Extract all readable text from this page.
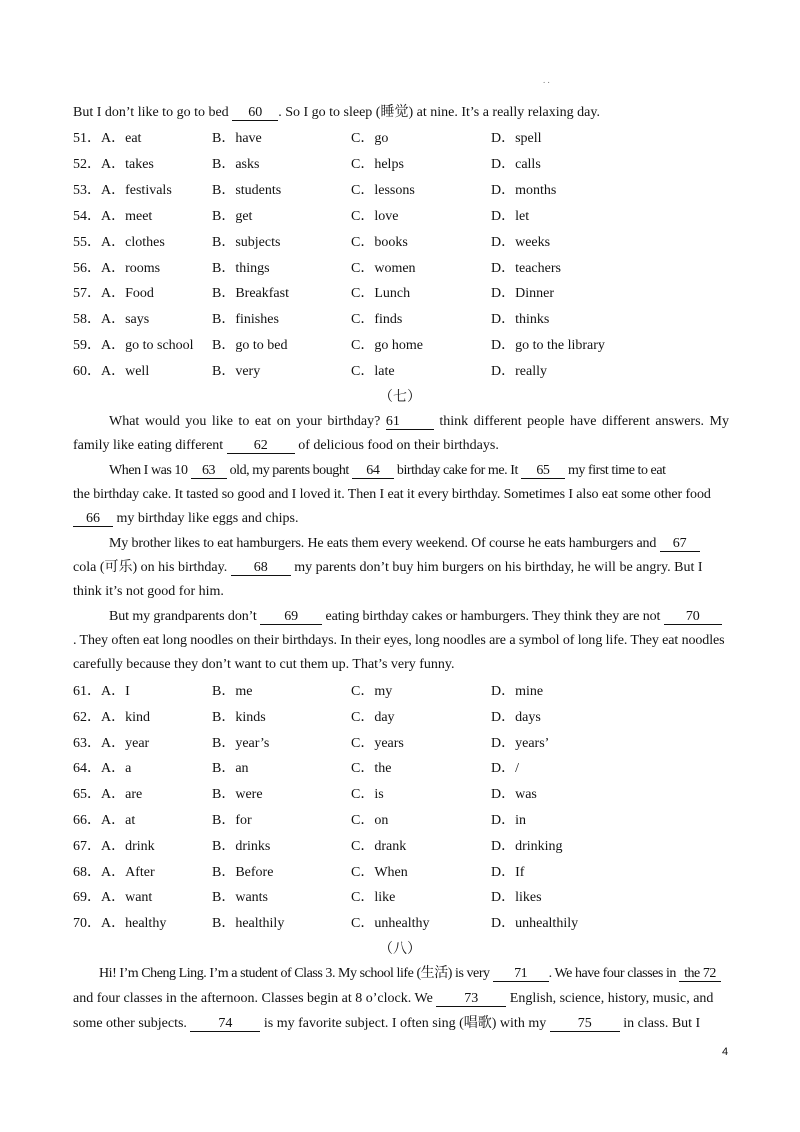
. .
But I don’t like to go to bed 60 . So I go to sleep (睡觉) at nine. It’s a really relaxing day.
51．A．eat	B．have	C．go	D．spell
52．A．takes	B．asks	C．helps	D．calls
53．A．festivals	B．students	C．lessons	D．months
54．A．meet	B．get	C．love	D．let
55．A．clothes	B．subjects	C．books	D．weeks
56．A．rooms	B．things	C．women	D．teachers
57．A．Food	B．Breakfast	C．Lunch	D．Dinner
58．A．says	B．finishes	C．finds	D．thinks
59．A．go to school B．go to bed	C．go home	D．go to the library
60．A．well	B．very	C．late	D．really
（七）
What would you like to eat on your birthday? 61 think different people have different answers. My
family like eating different 62 of delicious food on their birthdays.
When I was 10 63 old, my parents bought 64 birthday cake for me. It 65 my first time to eat
the birthday cake. It tasted so good and I loved it. Then I eat it every birthday. Sometimes I also eat some other food
66 my birthday like eggs and chips.
My brother likes to eat hamburgers. He eats them every weekend. Of course he eats hamburgers and 67
cola (可乐) on his birthday. 68 my parents don’t buy him burgers on his birthday, he will be angry. But I
think it’s not good for him.
But my grandparents don’t 69 eating birthday cakes or hamburgers. They think they are not 70
. They often eat long noodles on their birthdays. In their eyes, long noodles are a symbol of long life. They eat noodles
carefully because they don’t want to cut them up. That’s very funny.
61．A．I	B．me	C．my	D．mine
62．A．kind	B．kinds	C．day	D．days
63．A．year	B．year’s	C．years	D．years’
64．A．a	B．an	C．the	D．/
65．A．are	B．were	C．is	D．was
66．A．at	B．for	C．on	D．in
67．A．drink	B．drinks	C．drank	D．drinking
68．A．After	B．Before	C．When	D．If
69．A．want	B．wants	C．like	D．likes
70．A．healthy	B．healthily	C．unhealthy	D．unhealthily
（八）
Hi! I’m Cheng Ling. I’m a student of Class 3. My school life (生活) is very 71 . We have four classes in the 72
and four classes in the afternoon. Classes begin at 8 o’clock. We 73 English, science, history, music, and
some other subjects. 74 is my favorite subject. I often sing (唱歌) with my 75 in class. But I
4
